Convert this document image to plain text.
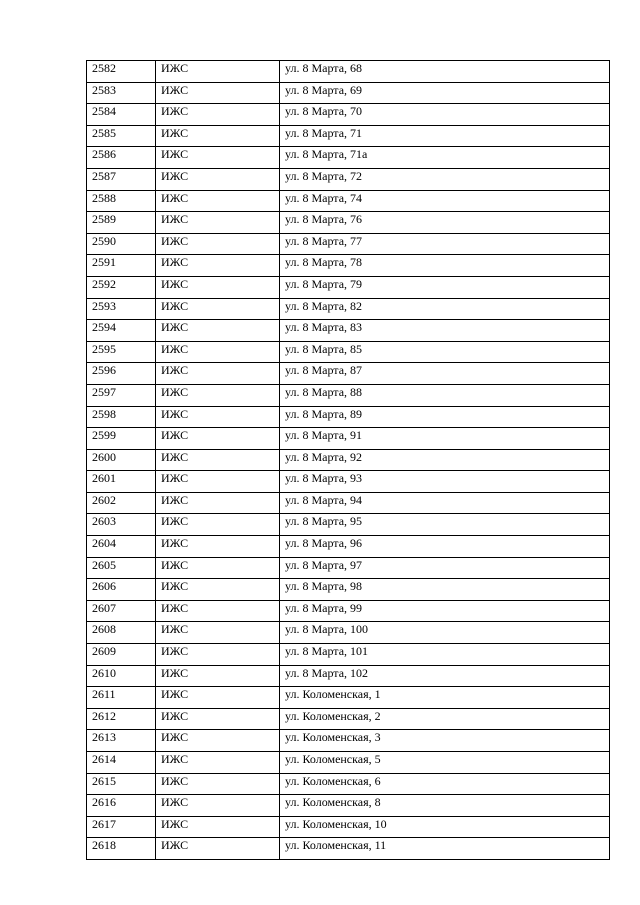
2582	ИЖС	ул. 8 Марта, 68
2583	ИЖС	ул. 8 Марта, 69
2584	ИЖС	ул. 8 Марта, 70
2585	ИЖС	ул. 8 Марта, 71
2586	ИЖС	ул. 8 Марта, 71а
2587	ИЖС	ул. 8 Марта, 72
2588	ИЖС	ул. 8 Марта, 74
2589	ИЖС	ул. 8 Марта, 76
2590	ИЖС	ул. 8 Марта, 77
2591	ИЖС	ул. 8 Марта, 78
2592	ИЖС	ул. 8 Марта, 79
2593	ИЖС	ул. 8 Марта, 82
2594	ИЖС	ул. 8 Марта, 83
2595	ИЖС	ул. 8 Марта, 85
2596	ИЖС	ул. 8 Марта, 87
2597	ИЖС	ул. 8 Марта, 88
2598	ИЖС	ул. 8 Марта, 89
2599	ИЖС	ул. 8 Марта, 91
2600	ИЖС	ул. 8 Марта, 92
2601	ИЖС	ул. 8 Марта, 93
2602	ИЖС	ул. 8 Марта, 94
2603	ИЖС	ул. 8 Марта, 95
2604	ИЖС	ул. 8 Марта, 96
2605	ИЖС	ул. 8 Марта, 97
2606	ИЖС	ул. 8 Марта, 98
2607	ИЖС	ул. 8 Марта, 99
2608	ИЖС	ул. 8 Марта, 100
2609	ИЖС	ул. 8 Марта, 101
2610	ИЖС	ул. 8 Марта, 102
2611	ИЖС	ул. Коломенская, 1
2612	ИЖС	ул. Коломенская, 2
2613	ИЖС	ул. Коломенская, 3
2614	ИЖС	ул. Коломенская, 5
2615	ИЖС	ул. Коломенская, 6
2616	ИЖС	ул. Коломенская, 8
2617	ИЖС	ул. Коломенская, 10
2618	ИЖС	ул. Коломенская, 11
